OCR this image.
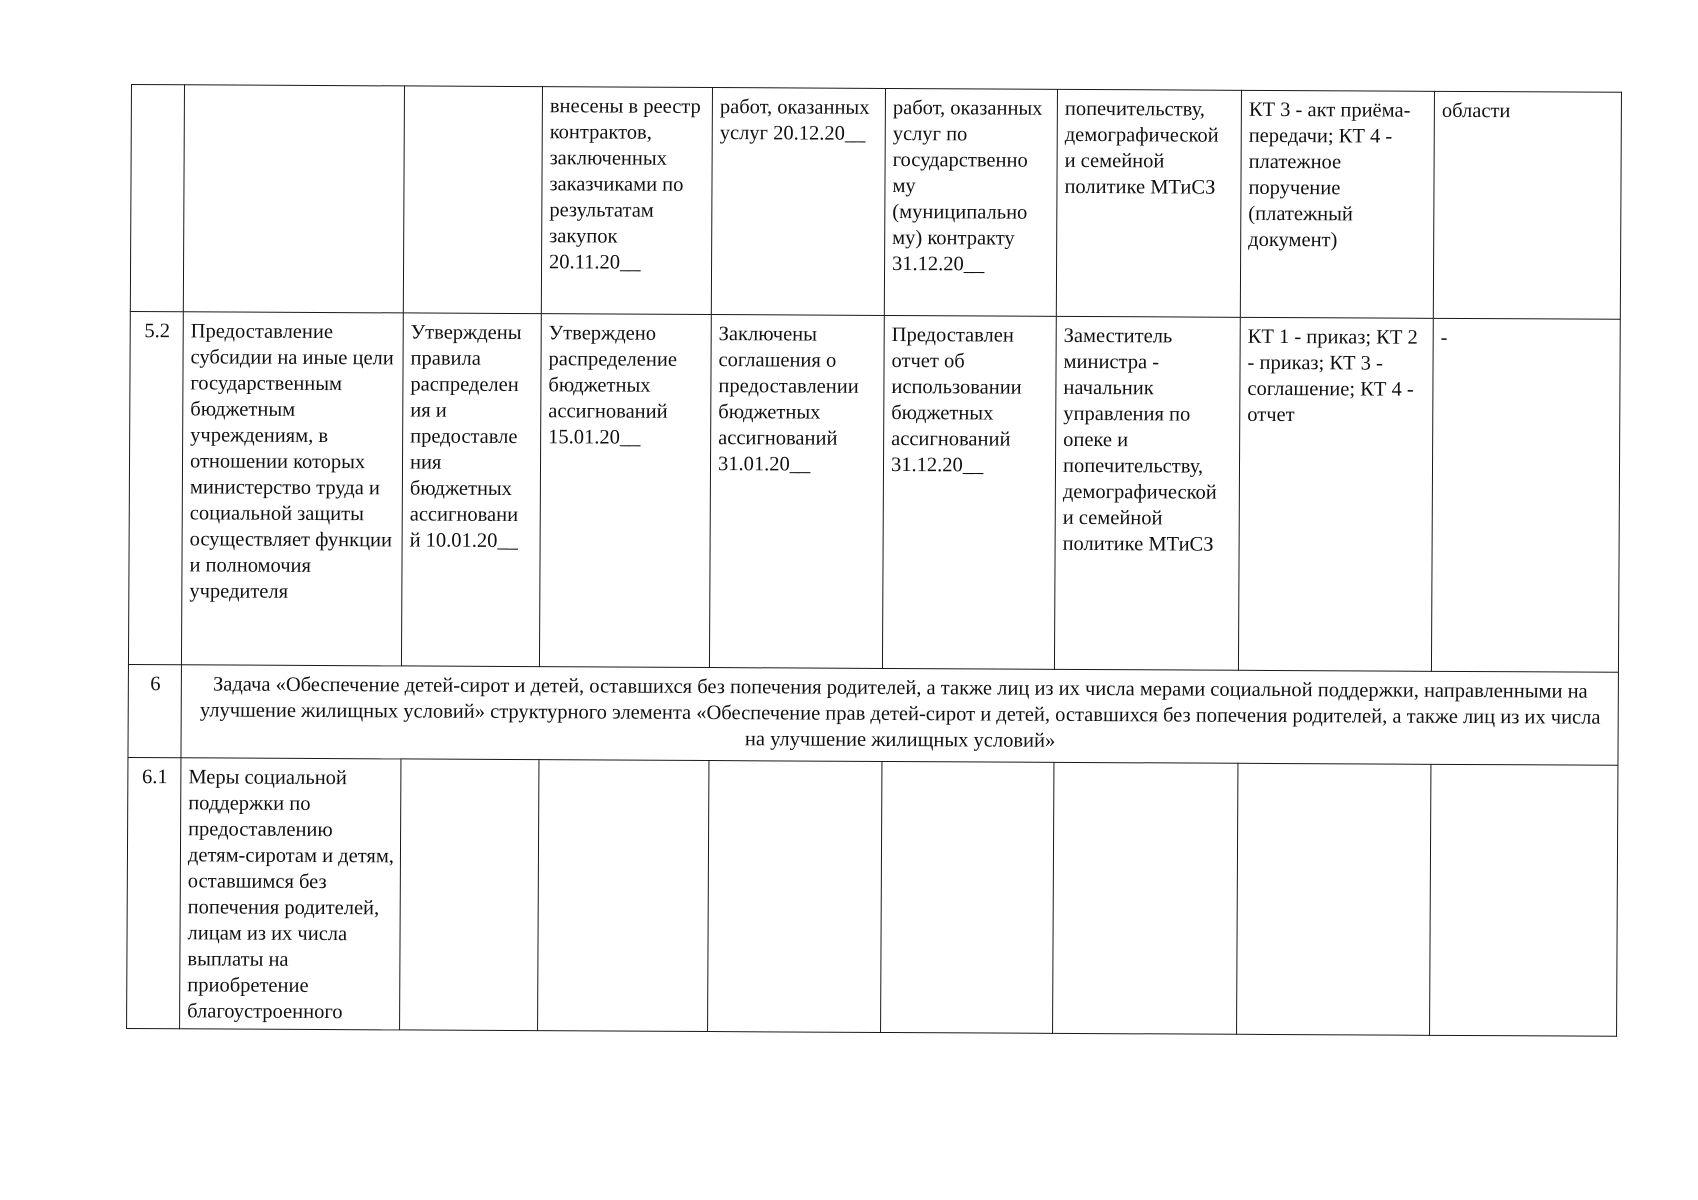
			внесены в реестр контрактов, заключенных заказчиками по результатам закупок 20.11.20__	работ, оказанных услуг 20.12.20__	работ, оказанных услуг по государственно му (муниципально му) контракту 31.12.20__	попечительству, демографической и семейной политике МТиСЗ	КТ 3 - акт приёма-передачи; КТ 4 - платежное поручение (платежный документ)	области
5.2	Предоставление субсидии на иные цели государственным бюджетным учреждениям, в отношении которых министерство труда и социальной защиты осуществляет функции и полномочия учредителя	Утверждены правила распределен ия и предоставле ния бюджетных ассигновани й 10.01.20__	Утверждено распределение бюджетных ассигнований 15.01.20__	Заключены соглашения о предоставлении бюджетных ассигнований 31.01.20__	Предоставлен отчет об использовании бюджетных ассигнований 31.12.20__	Заместитель министра - начальник управления по опеке и попечительству, демографической и семейной политике МТиСЗ	КТ 1 - приказ; КТ 2 - приказ; КТ 3 - соглашение; КТ 4 - отчет	-
6	Задача «Обеспечение детей-сирот и детей, оставшихся без попечения родителей, а также лиц из их числа мерами социальной поддержки, направленными на улучшение жилищных условий» структурного элемента «Обеспечение прав детей-сирот и детей, оставшихся без попечения родителей, а также лиц из их числа на улучшение жилищных условий»							
6.1	Меры социальной поддержки по предоставлению детям-сиротам и детям, оставшимся без попечения родителей, лицам из их числа выплаты на приобретение благоустроенного							
